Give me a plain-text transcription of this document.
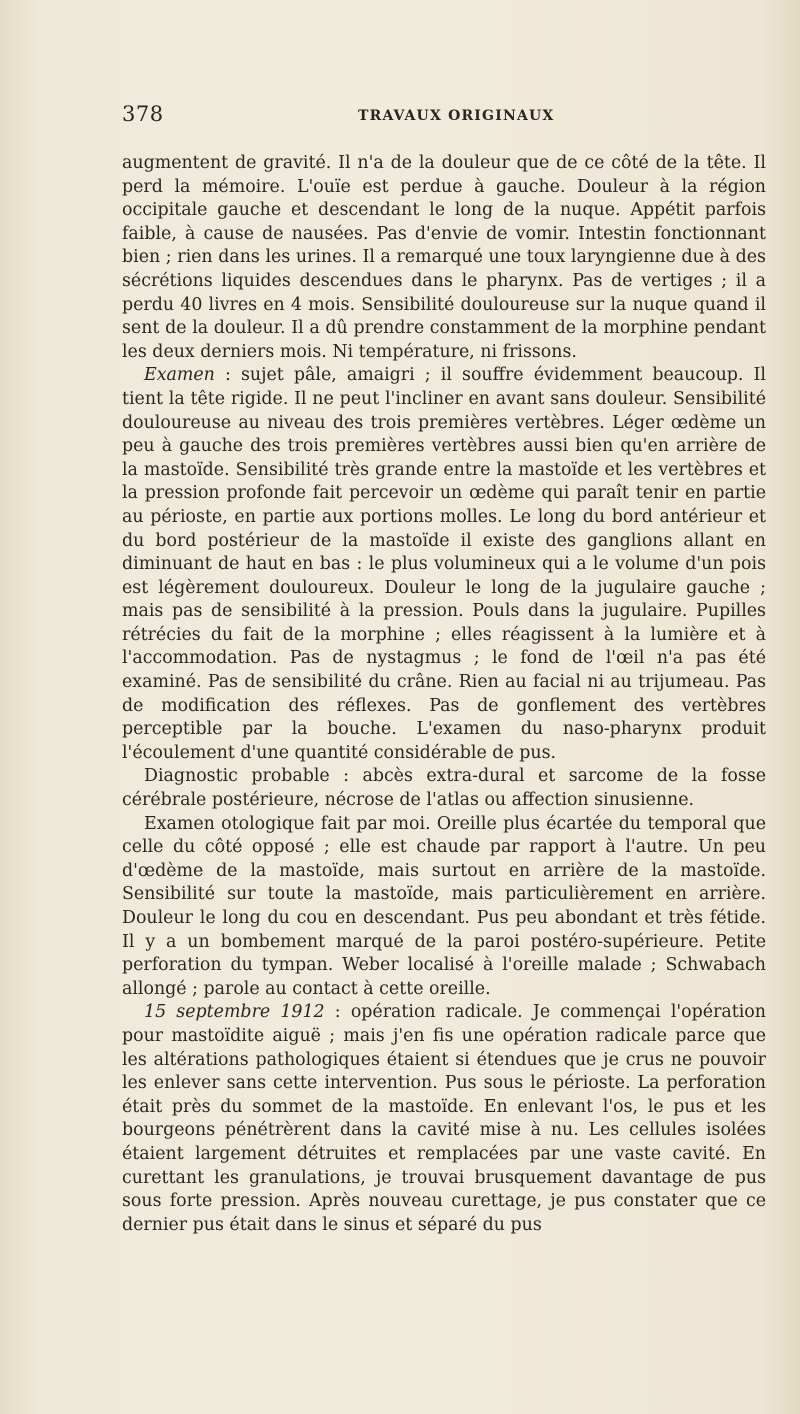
378	TRAVAUX ORIGINAUX

augmentent de gravité. Il n'a de la douleur que de ce côté de la tête. Il perd la mémoire. L'ouïe est perdue à gauche. Douleur à la région occipitale gauche et descendant le long de la nuque. Appétit parfois faible, à cause de nausées. Pas d'envie de vomir. Intestin fonctionnant bien ; rien dans les urines. Il a remarqué une toux laryngienne due à des sécrétions liquides descendues dans le pharynx. Pas de vertiges ; il a perdu 40 livres en 4 mois. Sensibilité douloureuse sur la nuque quand il sent de la douleur. Il a dû prendre constamment de la morphine pendant les deux derniers mois. Ni température, ni frissons.

Examen : sujet pâle, amaigri ; il souffre évidemment beaucoup. Il tient la tête rigide. Il ne peut l'incliner en avant sans douleur. Sensibilité douloureuse au niveau des trois premières vertèbres. Léger œdème un peu à gauche des trois premières vertèbres aussi bien qu'en arrière de la mastoïde. Sensibilité très grande entre la mastoïde et les vertèbres et la pression profonde fait percevoir un œdème qui paraît tenir en partie au périoste, en partie aux portions molles. Le long du bord antérieur et du bord postérieur de la mastoïde il existe des ganglions allant en diminuant de haut en bas : le plus volumineux qui a le volume d'un pois est légèrement douloureux. Douleur le long de la jugulaire gauche ; mais pas de sensibilité à la pression. Pouls dans la jugulaire. Pupilles rétrécies du fait de la morphine ; elles réagissent à la lumière et à l'accommodation. Pas de nystagmus ; le fond de l'œil n'a pas été examiné. Pas de sensibilité du crâne. Rien au facial ni au trijumeau. Pas de modification des réflexes. Pas de gonflement des vertèbres perceptible par la bouche. L'examen du naso-pharynx produit l'écoulement d'une quantité considérable de pus.

Diagnostic probable : abcès extra-dural et sarcome de la fosse cérébrale postérieure, nécrose de l'atlas ou affection sinusienne.

Examen otologique fait par moi. Oreille plus écartée du temporal que celle du côté opposé ; elle est chaude par rapport à l'autre. Un peu d'œdème de la mastoïde, mais surtout en arrière de la mastoïde. Sensibilité sur toute la mastoïde, mais particulièrement en arrière. Douleur le long du cou en descendant. Pus peu abondant et très fétide. Il y a un bombement marqué de la paroi postéro-supérieure. Petite perforation du tympan. Weber localisé à l'oreille malade ; Schwabach allongé ; parole au contact à cette oreille.

15 septembre 1912 : opération radicale. Je commençai l'opération pour mastoïdite aiguë ; mais j'en fis une opération radicale parce que les altérations pathologiques étaient si étendues que je crus ne pouvoir les enlever sans cette intervention. Pus sous le périoste. La perforation était près du sommet de la mastoïde. En enlevant l'os, le pus et les bourgeons pénétrèrent dans la cavité mise à nu. Les cellules isolées étaient largement détruites et remplacées par une vaste cavité. En curettant les granulations, je trouvai brusquement davantage de pus sous forte pression. Après nouveau curettage, je pus constater que ce dernier pus était dans le sinus et séparé du pus
